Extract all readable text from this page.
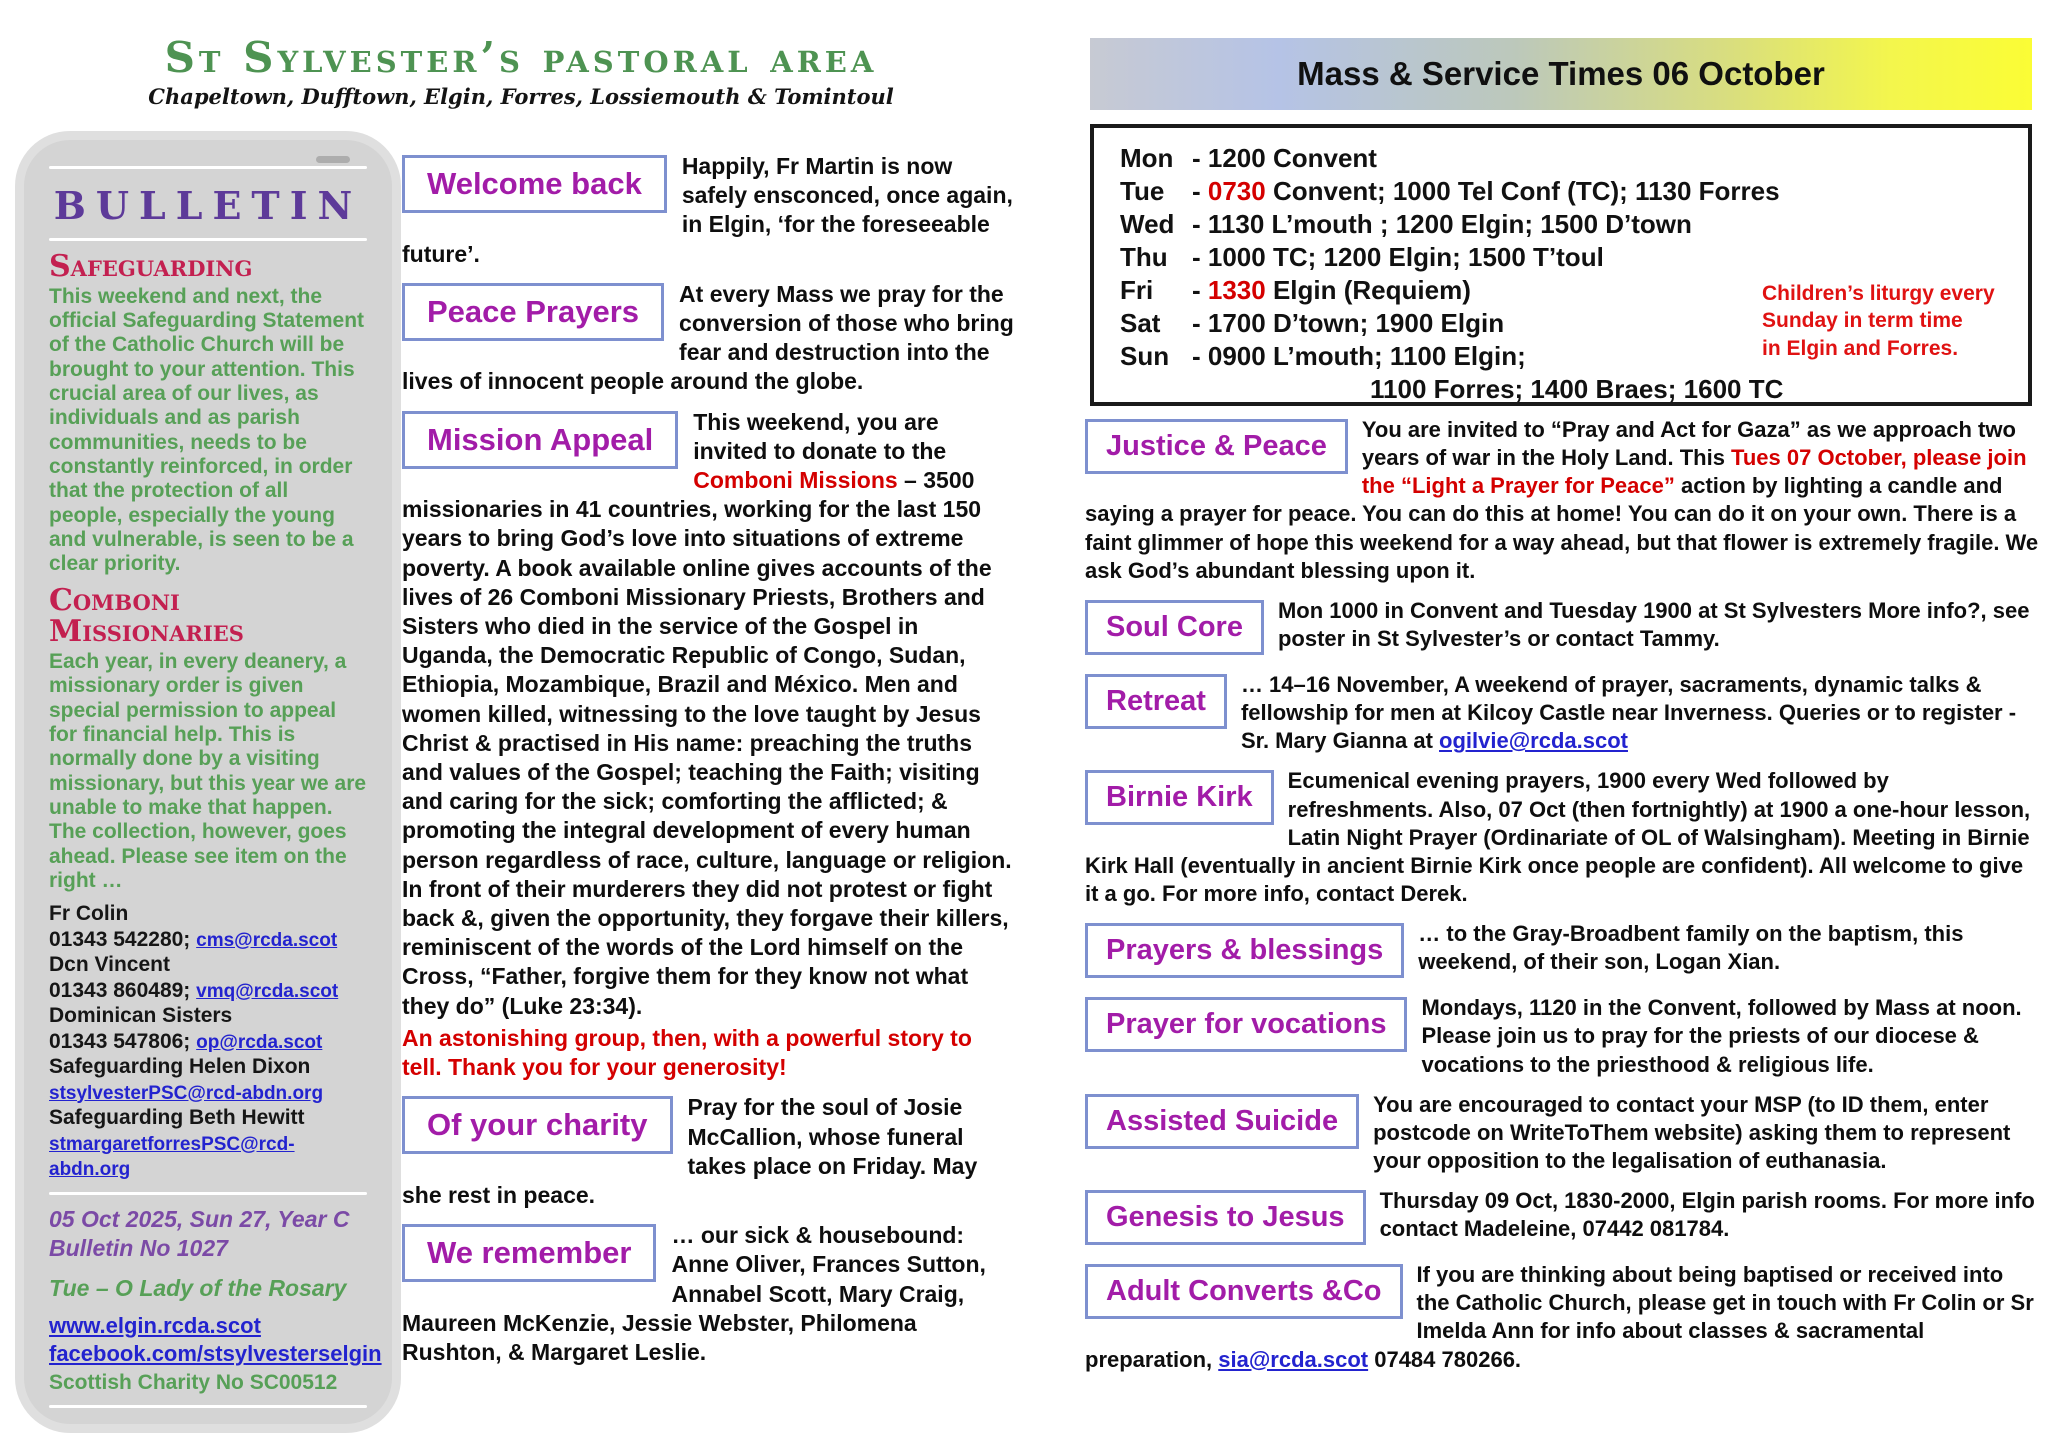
St Sylvester’s pastoral area
Chapeltown, Dufftown, Elgin, Forres, Lossiemouth & Tomintoul
BULLETIN
Safeguarding

This weekend and next, the official Safeguarding Statement of the Catholic Church will be brought to your attention. This crucial area of our lives, as individuals and as parish communities, needs to be constantly reinforced, in order that the protection of all people, especially the young and vulnerable, is seen to be a clear priority.

Comboni Missionaries

Each year, in every deanery, a missionary order is given special permission to appeal for financial help. This is normally done by a visiting missionary, but this year we are unable to make that happen. The collection, however, goes ahead. Please see item on the right …

Fr Colin
01343 542280; cms@rcda.scot
Dcn Vincent
01343 860489; vmq@rcda.scot
Dominican Sisters
01343 547806; op@rcda.scot
Safeguarding Helen Dixon
stsylvesterPSC@rcd-abdn.org
Safeguarding Beth Hewitt
stmargaretforresPSC@rcd-abdn.org
05 Oct 2025, Sun 27, Year C
Bulletin No 1027
Tue – O Lady of the Rosary
www.elgin.rcda.scot
facebook.com/stsylvesterselgin
Scottish Charity No SC00512
Welcome back	Happily, Fr Martin is now safely ensconced, once again, in Elgin, ‘for the foreseeable future’.

Peace Prayers	At every Mass we pray for the conversion of those who bring fear and destruction into the lives of innocent people around the globe.

Mission Appeal	This weekend, you are invited to donate to the Comboni Missions – 3500 missionaries in 41 countries, working for the last 150 years to bring God’s love into situations of extreme poverty. A book available online gives accounts of the lives of 26 Comboni Missionary Priests, Brothers and Sisters who died in the service of the Gospel in Uganda, the Democratic Republic of Congo, Sudan, Ethiopia, Mozambique, Brazil and México. Men and women killed, witnessing to the love taught by Jesus Christ & practised in His name: preaching the truths and values of the Gospel; teaching the Faith; visiting and caring for the sick; comforting the afflicted; & promoting the integral development of every human person regardless of race, culture, language or religion. In front of their murderers they did not protest or fight back &, given the opportunity, they forgave their killers, reminiscent of the words of the Lord himself on the Cross, “Father, forgive them for they know not what they do” (Luke 23:34).
An astonishing group, then, with a powerful story to tell. Thank you for your generosity!

Of your charity	Pray for the soul of Josie McCallion, whose funeral takes place on Friday. May she rest in peace.

We remember	… our sick & housebound: Anne Oliver, Frances Sutton, Annabel Scott, Mary Craig, Maureen McKenzie, Jessie Webster, Philomena Rushton, & Margaret Leslie.

Mass & Service Times 06 October
Mon - 1200 Convent
Tue - 0730 Convent; 1000 Tel Conf (TC); 1130 Forres
Wed - 1130 L’mouth ; 1200 Elgin; 1500 D’town
Thu - 1000 TC; 1200 Elgin; 1500 T’toul
Fri - 1330 Elgin (Requiem)
Sat - 1700 D’town; 1900 Elgin
Sun - 0900 L’mouth; 1100 Elgin;
1100 Forres; 1400 Braes; 1600 TC
Children’s liturgy every
Sunday in term time
in Elgin and Forres.
Justice & Peace

You are invited to “Pray and Act for Gaza” as we approach two years of war in the Holy Land. This Tues 07 October, please join the “Light a Prayer for Peace” action by lighting a candle and saying a prayer for peace. You can do this at home! You can do it on your own. There is a faint glimmer of hope this weekend for a way ahead, but that flower is extremely fragile. We ask God’s abundant blessing upon it.

Soul Core

Mon 1000 in Convent and Tuesday 1900 at St Sylvesters More info?, see poster in St Sylvester’s or contact Tammy.

Retreat

… 14–16 November, A weekend of prayer, sacraments, dynamic talks & fellowship for men at Kilcoy Castle near Inverness. Queries or to register - Sr. Mary Gianna at ogilvie@rcda.scot

Birnie Kirk

Ecumenical evening prayers, 1900 every Wed followed by refreshments. Also, 07 Oct (then fortnightly) at 1900 a one-hour lesson, Latin Night Prayer (Ordinariate of OL of Walsingham). Meeting in Birnie Kirk Hall (eventually in ancient Birnie Kirk once people are confident). All welcome to give it a go. For more info, contact Derek.

Prayers & blessings

… to the Gray-Broadbent family on the baptism, this weekend, of their son, Logan Xian.

Prayer for vocations

Mondays, 1120 in the Convent, followed by Mass at noon. Please join us to pray for the priests of our diocese & vocations to the priesthood & religious life.

Assisted Suicide

You are encouraged to contact your MSP (to ID them, enter postcode on WriteToThem website) asking them to represent your opposition to the legalisation of euthanasia.

Genesis to Jesus

Thursday 09 Oct, 1830-2000, Elgin parish rooms. For more info contact Madeleine, 07442 081784.

Adult Converts &Co

If you are thinking about being baptised or received into the Catholic Church, please get in touch with Fr Colin or Sr Imelda Ann for info about classes & sacramental preparation, sia@rcda.scot 07484 780266.
